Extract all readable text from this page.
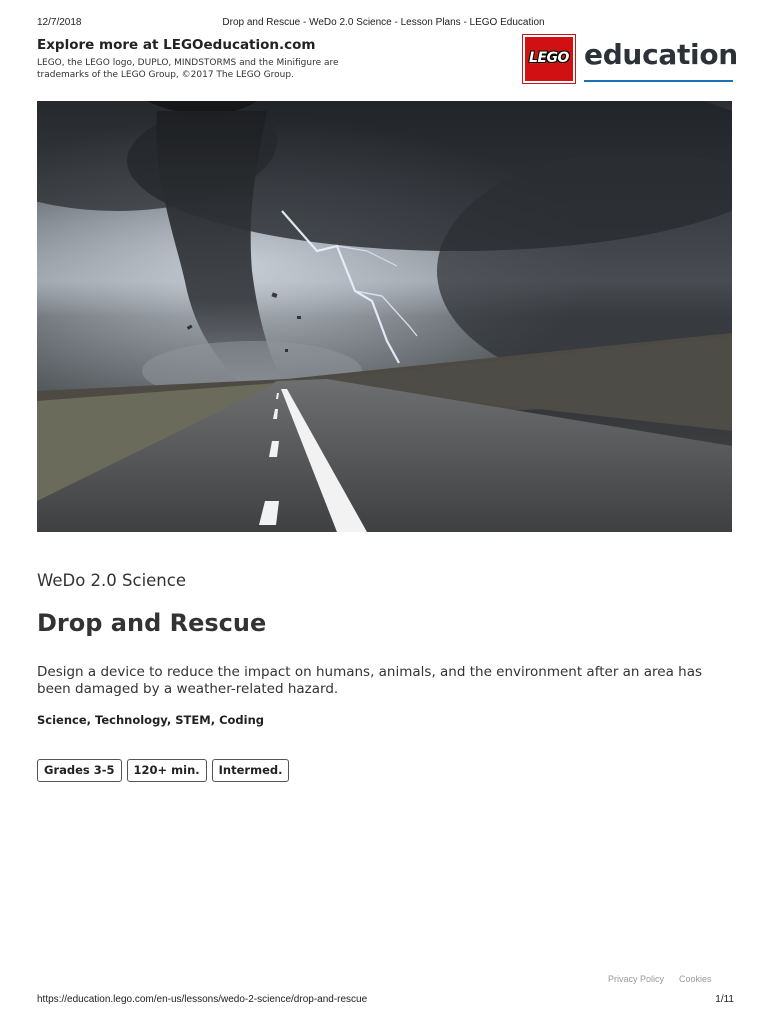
12/7/2018	Drop and Rescue - WeDo 2.0 Science - Lesson Plans - LEGO Education
Explore more at LEGOeducation.com
LEGO, the LEGO logo, DUPLO, MINDSTORMS and the Minifigure are trademarks of the LEGO Group, ©2017 The LEGO Group.
LEGO education
WeDo 2.0 Science
Drop and Rescue
Design a device to reduce the impact on humans, animals, and the environment after an area has been damaged by a weather-related hazard.
Science, Technology, STEM, Coding
Grades 3-5	120+ min.	Intermed.
Privacy Policy Cookies
https://education.lego.com/en-us/lessons/wedo-2-science/drop-and-rescue	1/11
